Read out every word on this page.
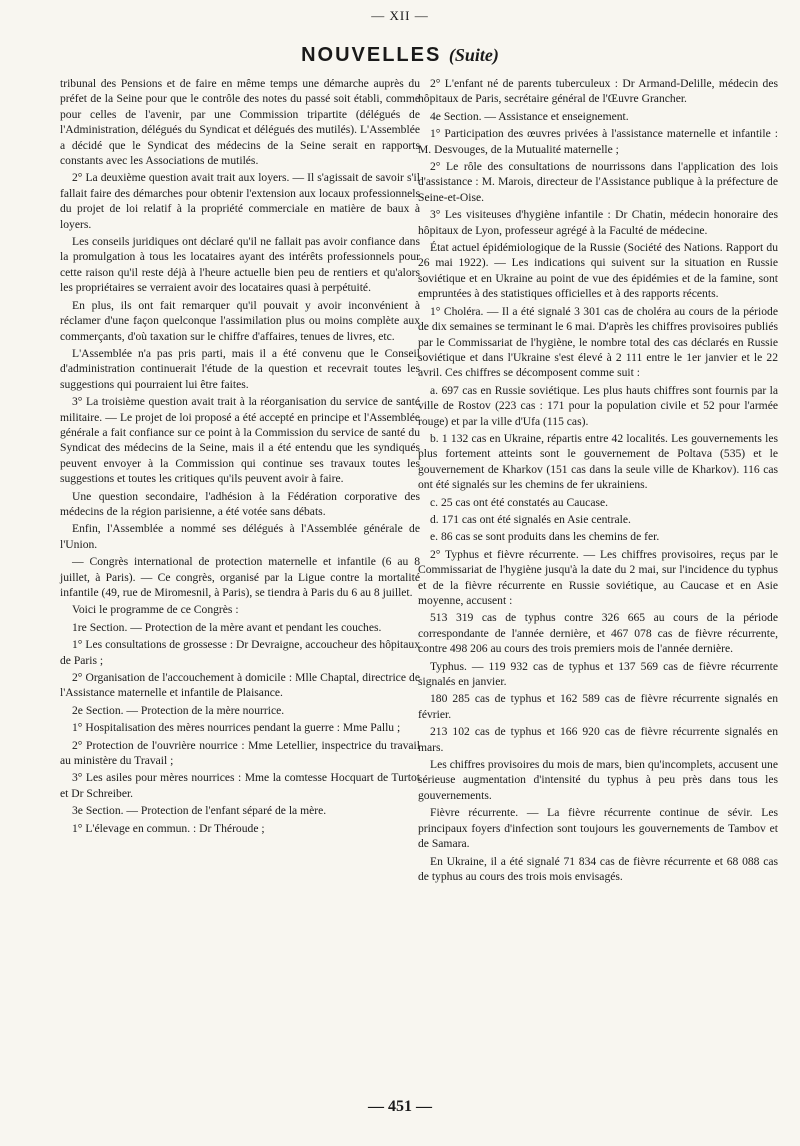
— XII —
NOUVELLES (Suite)

tribunal des Pensions et de faire en même temps une démarche auprès du préfet de la Seine pour que le contrôle des notes du passé soit établi, comme pour celles de l'avenir, par une Commission tripartite (délégués de l'Administration, délégués du Syndicat et délégués des mutilés). L'Assemblée a décidé que le Syndicat des médecins de la Seine serait en rapports constants avec les Associations de mutilés.

2° La deuxième question avait trait aux loyers. — Il s'agissait de savoir s'il fallait faire des démarches pour obtenir l'extension aux locaux professionnels du projet de loi relatif à la propriété commerciale en matière de baux à loyers.

Les conseils juridiques ont déclaré qu'il ne fallait pas avoir confiance dans la promulgation à tous les locataires ayant des intérêts professionnels pour cette raison qu'il reste déjà à l'heure actuelle bien peu de rentiers et qu'alors les propriétaires se verraient avoir des locataires quasi à perpétuité.

En plus, ils ont fait remarquer qu'il pouvait y avoir inconvénient à réclamer d'une façon quelconque l'assimilation plus ou moins complète aux commerçants, d'où taxation sur le chiffre d'affaires, tenues de livres, etc.

L'Assemblée n'a pas pris parti, mais il a été convenu que le Conseil d'administration continuerait l'étude de la question et recevrait toutes les suggestions qui pourraient lui être faites.

3° La troisième question avait trait à la réorganisation du service de santé militaire. — Le projet de loi proposé a été accepté en principe et l'Assemblée générale a fait confiance sur ce point à la Commission du service de santé du Syndicat des médecins de la Seine, mais il a été entendu que les syndiqués peuvent envoyer à la Commission qui continue ses travaux toutes les suggestions et toutes les critiques qu'ils peuvent avoir à faire.

Une question secondaire, l'adhésion à la Fédération corporative des médecins de la région parisienne, a été votée sans débats.

Enfin, l'Assemblée a nommé ses délégués à l'Assemblée générale de l'Union.

— Congrès international de protection maternelle et infantile (6 au 8 juillet, à Paris). — Ce congrès, organisé par la Ligue contre la mortalité infantile (49, rue de Miromesnil, à Paris), se tiendra à Paris du 6 au 8 juillet.

Voici le programme de ce Congrès :

1re Section. — Protection de la mère avant et pendant les couches.

1° Les consultations de grossesse : Dr Devraigne, accoucheur des hôpitaux de Paris ;

2° Organisation de l'accouchement à domicile : Mlle Chaptal, directrice de l'Assistance maternelle et infantile de Plaisance.

2e Section. — Protection de la mère nourrice.

1° Hospitalisation des mères nourrices pendant la guerre : Mme Pallu ;

2° Protection de l'ouvrière nourrice : Mme Letellier, inspectrice du travail au ministère du Travail ;

3° Les asiles pour mères nourrices : Mme la comtesse Hocquart de Turtot et Dr Schreiber.

3e Section. — Protection de l'enfant séparé de la mère.

1° L'élevage en commun. : Dr Théroude ;

2° L'enfant né de parents tuberculeux : Dr Armand-Delille, médecin des hôpitaux de Paris, secrétaire général de l'Œuvre Grancher.

4e Section. — Assistance et enseignement.

1° Participation des œuvres privées à l'assistance maternelle et infantile : M. Desvouges, de la Mutualité maternelle ;

2° Le rôle des consultations de nourrissons dans l'application des lois d'assistance : M. Marois, directeur de l'Assistance publique à la préfecture de Seine-et-Oise.

3° Les visiteuses d'hygiène infantile : Dr Chatin, médecin honoraire des hôpitaux de Lyon, professeur agrégé à la Faculté de médecine.

État actuel épidémiologique de la Russie (Société des Nations. Rapport du 26 mai 1922). — Les indications qui suivent sur la situation en Russie soviétique et en Ukraine au point de vue des épidémies et de la famine, sont empruntées à des statistiques officielles et à des rapports récents.

1° Choléra. — Il a été signalé 3 301 cas de choléra au cours de la période de dix semaines se terminant le 6 mai. D'après les chiffres provisoires publiés par le Commissariat de l'hygiène, le nombre total des cas déclarés en Russie soviétique et dans l'Ukraine s'est élevé à 2 111 entre le 1er janvier et le 22 avril. Ces chiffres se décomposent comme suit :

a. 697 cas en Russie soviétique. Les plus hauts chiffres sont fournis par la ville de Rostov (223 cas : 171 pour la population civile et 52 pour l'armée rouge) et par la ville d'Ufa (115 cas).

b. 1 132 cas en Ukraine, répartis entre 42 localités. Les gouvernements les plus fortement atteints sont le gouvernement de Poltava (535) et le gouvernement de Kharkov (151 cas dans la seule ville de Kharkov). 116 cas ont été signalés sur les chemins de fer ukrainiens.

c. 25 cas ont été constatés au Caucase.

d. 171 cas ont été signalés en Asie centrale.

e. 86 cas se sont produits dans les chemins de fer.

2° Typhus et fièvre récurrente. — Les chiffres provisoires, reçus par le Commissariat de l'hygiène jusqu'à la date du 2 mai, sur l'incidence du typhus et de la fièvre récurrente en Russie soviétique, au Caucase et en Asie moyenne, accusent :

513 319 cas de typhus contre 326 665 au cours de la période correspondante de l'année dernière, et 467 078 cas de fièvre récurrente, contre 498 206 au cours des trois premiers mois de l'année dernière.

Typhus. — 119 932 cas de typhus et 137 569 cas de fièvre récurrente signalés en janvier.

180 285 cas de typhus et 162 589 cas de fièvre récurrente signalés en février.

213 102 cas de typhus et 166 920 cas de fièvre récurrente signalés en mars.

Les chiffres provisoires du mois de mars, bien qu'incomplets, accusent une sérieuse augmentation d'intensité du typhus à peu près dans tous les gouvernements.

Fièvre récurrente. — La fièvre récurrente continue de sévir. Les principaux foyers d'infection sont toujours les gouvernements de Tambov et de Samara.

En Ukraine, il a été signalé 71 834 cas de fièvre récurrente et 68 088 cas de typhus au cours des trois mois envisagés.

— 451 —
